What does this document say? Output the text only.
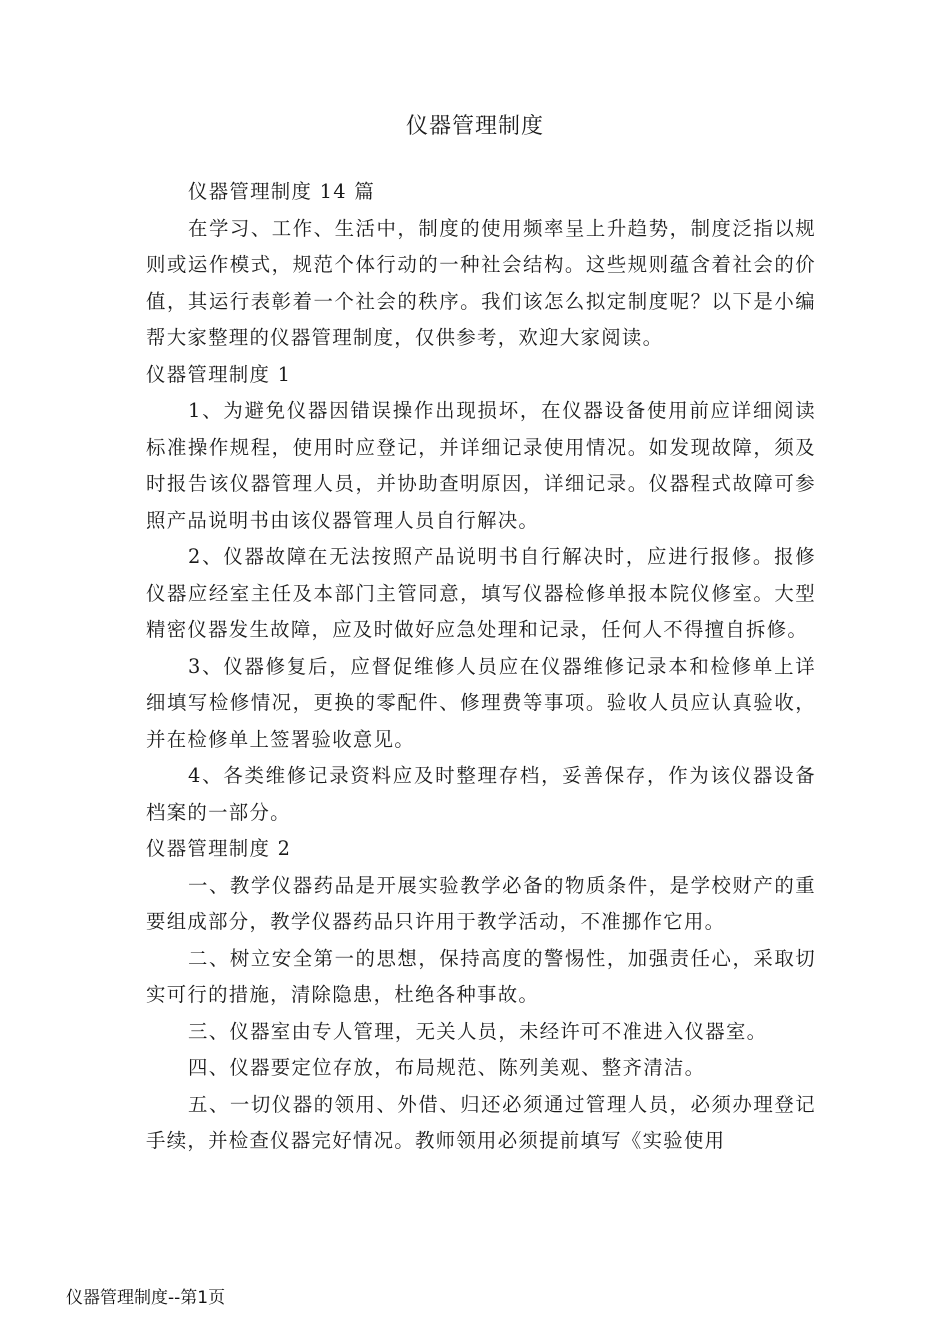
仪器管理制度

仪器管理制度 14 篇

在学习、工作、生活中，制度的使用频率呈上升趋势，制度泛指以规则或运作模式，规范个体行动的一种社会结构。这些规则蕴含着社会的价值，其运行表彰着一个社会的秩序。我们该怎么拟定制度呢？以下是小编帮大家整理的仪器管理制度，仅供参考，欢迎大家阅读。

仪器管理制度 1

1、为避免仪器因错误操作出现损坏，在仪器设备使用前应详细阅读标准操作规程，使用时应登记，并详细记录使用情况。如发现故障，须及时报告该仪器管理人员，并协助查明原因，详细记录。仪器程式故障可参照产品说明书由该仪器管理人员自行解决。

2、仪器故障在无法按照产品说明书自行解决时，应进行报修。报修仪器应经室主任及本部门主管同意，填写仪器检修单报本院仪修室。大型精密仪器发生故障，应及时做好应急处理和记录，任何人不得擅自拆修。

3、仪器修复后，应督促维修人员应在仪器维修记录本和检修单上详细填写检修情况，更换的零配件、修理费等事项。验收人员应认真验收，并在检修单上签署验收意见。

4、各类维修记录资料应及时整理存档，妥善保存，作为该仪器设备档案的一部分。

仪器管理制度 2

一、教学仪器药品是开展实验教学必备的物质条件，是学校财产的重要组成部分，教学仪器药品只许用于教学活动，不准挪作它用。

二、树立安全第一的思想，保持高度的警惕性，加强责任心，采取切实可行的措施，清除隐患，杜绝各种事故。

三、仪器室由专人管理，无关人员，未经许可不准进入仪器室。

四、仪器要定位存放，布局规范、陈列美观、整齐清洁。

五、一切仪器的领用、外借、归还必须通过管理人员，必须办理登记手续，并检查仪器完好情况。教师领用必须提前填写《实验使用

仪器管理制度--第1页
